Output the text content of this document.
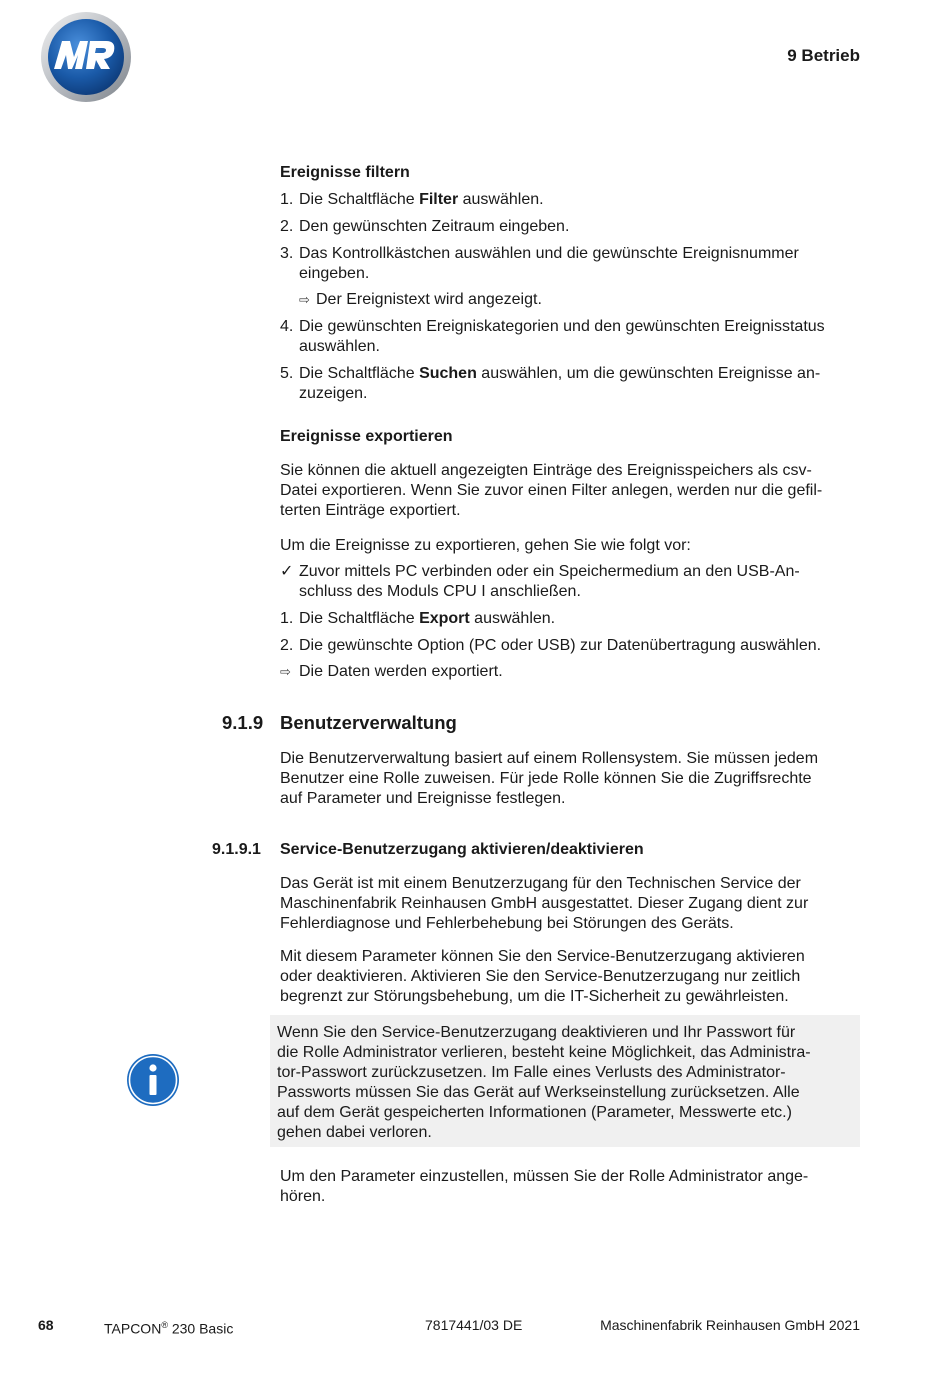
9 Betrieb
Ereignisse filtern
1. Die Schaltfläche Filter auswählen.
2. Den gewünschten Zeitraum eingeben.
3. Das Kontrollkästchen auswählen und die gewünschte Ereignisnummer
eingeben.
⇨ Der Ereignistext wird angezeigt.
4. Die gewünschten Ereigniskategorien und den gewünschten Ereignisstatus
auswählen.
5. Die Schaltfläche Suchen auswählen, um die gewünschten Ereignisse an-
zuzeigen.
Ereignisse exportieren
Sie können die aktuell angezeigten Einträge des Ereignisspeichers als csv-
Datei exportieren. Wenn Sie zuvor einen Filter anlegen, werden nur die gefil-
terten Einträge exportiert.
Um die Ereignisse zu exportieren, gehen Sie wie folgt vor:
✓ Zuvor mittels PC verbinden oder ein Speichermedium an den USB-An-
schluss des Moduls CPU I anschließen.
1. Die Schaltfläche Export auswählen.
2. Die gewünschte Option (PC oder USB) zur Datenübertragung auswählen.
⇨ Die Daten werden exportiert.
9.1.9 Benutzerverwaltung
Die Benutzerverwaltung basiert auf einem Rollensystem. Sie müssen jedem
Benutzer eine Rolle zuweisen. Für jede Rolle können Sie die Zugriffsrechte
auf Parameter und Ereignisse festlegen.
9.1.9.1 Service-Benutzerzugang aktivieren/deaktivieren
Das Gerät ist mit einem Benutzerzugang für den Technischen Service der
Maschinenfabrik Reinhausen GmbH ausgestattet. Dieser Zugang dient zur
Fehlerdiagnose und Fehlerbehebung bei Störungen des Geräts.
Mit diesem Parameter können Sie den Service-Benutzerzugang aktivieren
oder deaktivieren. Aktivieren Sie den Service-Benutzerzugang nur zeitlich
begrenzt zur Störungsbehebung, um die IT-Sicherheit zu gewährleisten.
Wenn Sie den Service-Benutzerzugang deaktivieren und Ihr Passwort für
die Rolle Administrator verlieren, besteht keine Möglichkeit, das Administra-
tor-Passwort zurückzusetzen. Im Falle eines Verlusts des Administrator-
Passworts müssen Sie das Gerät auf Werkseinstellung zurücksetzen. Alle
auf dem Gerät gespeicherten Informationen (Parameter, Messwerte etc.)
gehen dabei verloren.
Um den Parameter einzustellen, müssen Sie der Rolle Administrator ange-
hören.
68	TAPCON® 230 Basic	7817441/03 DE	Maschinenfabrik Reinhausen GmbH 2021
